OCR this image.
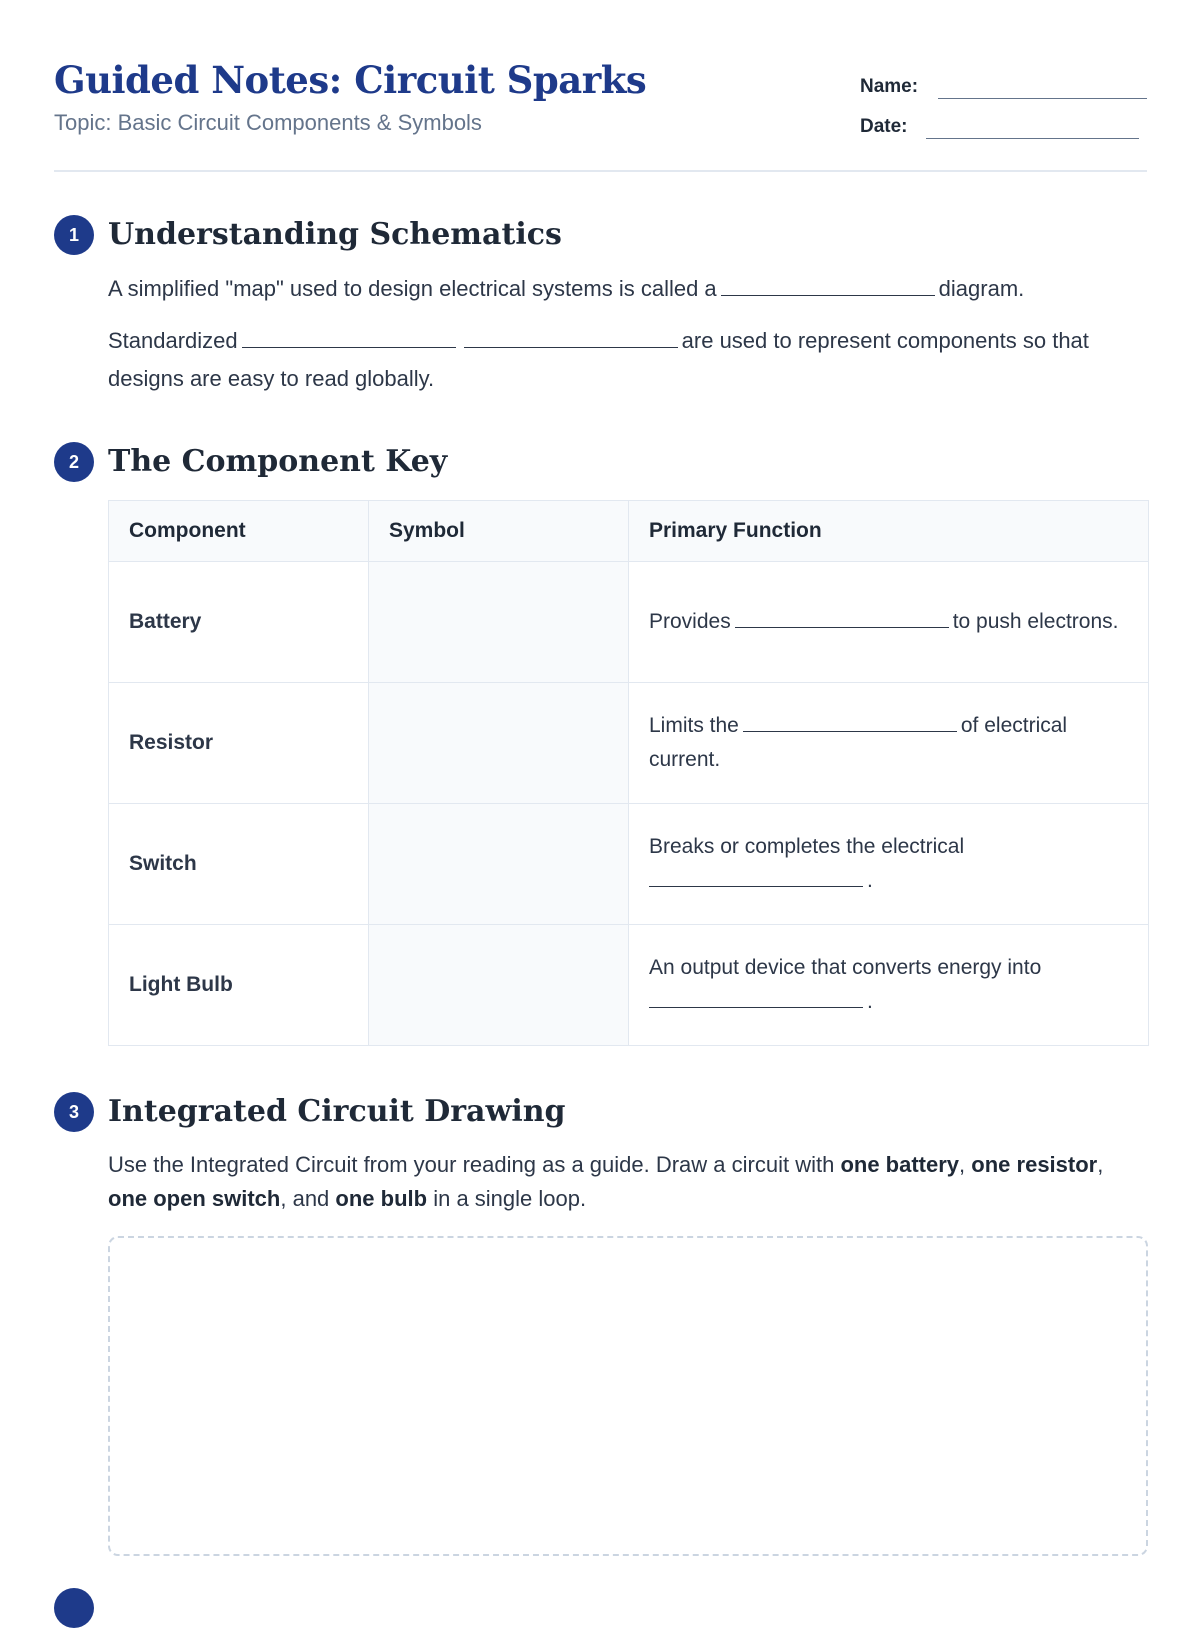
Guided Notes: Circuit Sparks
Topic: Basic Circuit Components & Symbols
Name:
Date:
1 Understanding Schematics
A simplified "map" used to design electrical systems is called a	diagram.
Standardized	are used to represent components so that designs are easy to read globally.
2 The Component Key
Component	Symbol	Primary Function
Battery		Provides to push electrons.
Resistor		Limits the of electrical current.
Switch		Breaks or completes the electrical
.
Light Bulb		An output device that converts energy into
.
3 Integrated Circuit Drawing
Use the Integrated Circuit from your reading as a guide. Draw a circuit with one battery, one resistor, one open switch, and one bulb in a single loop.
